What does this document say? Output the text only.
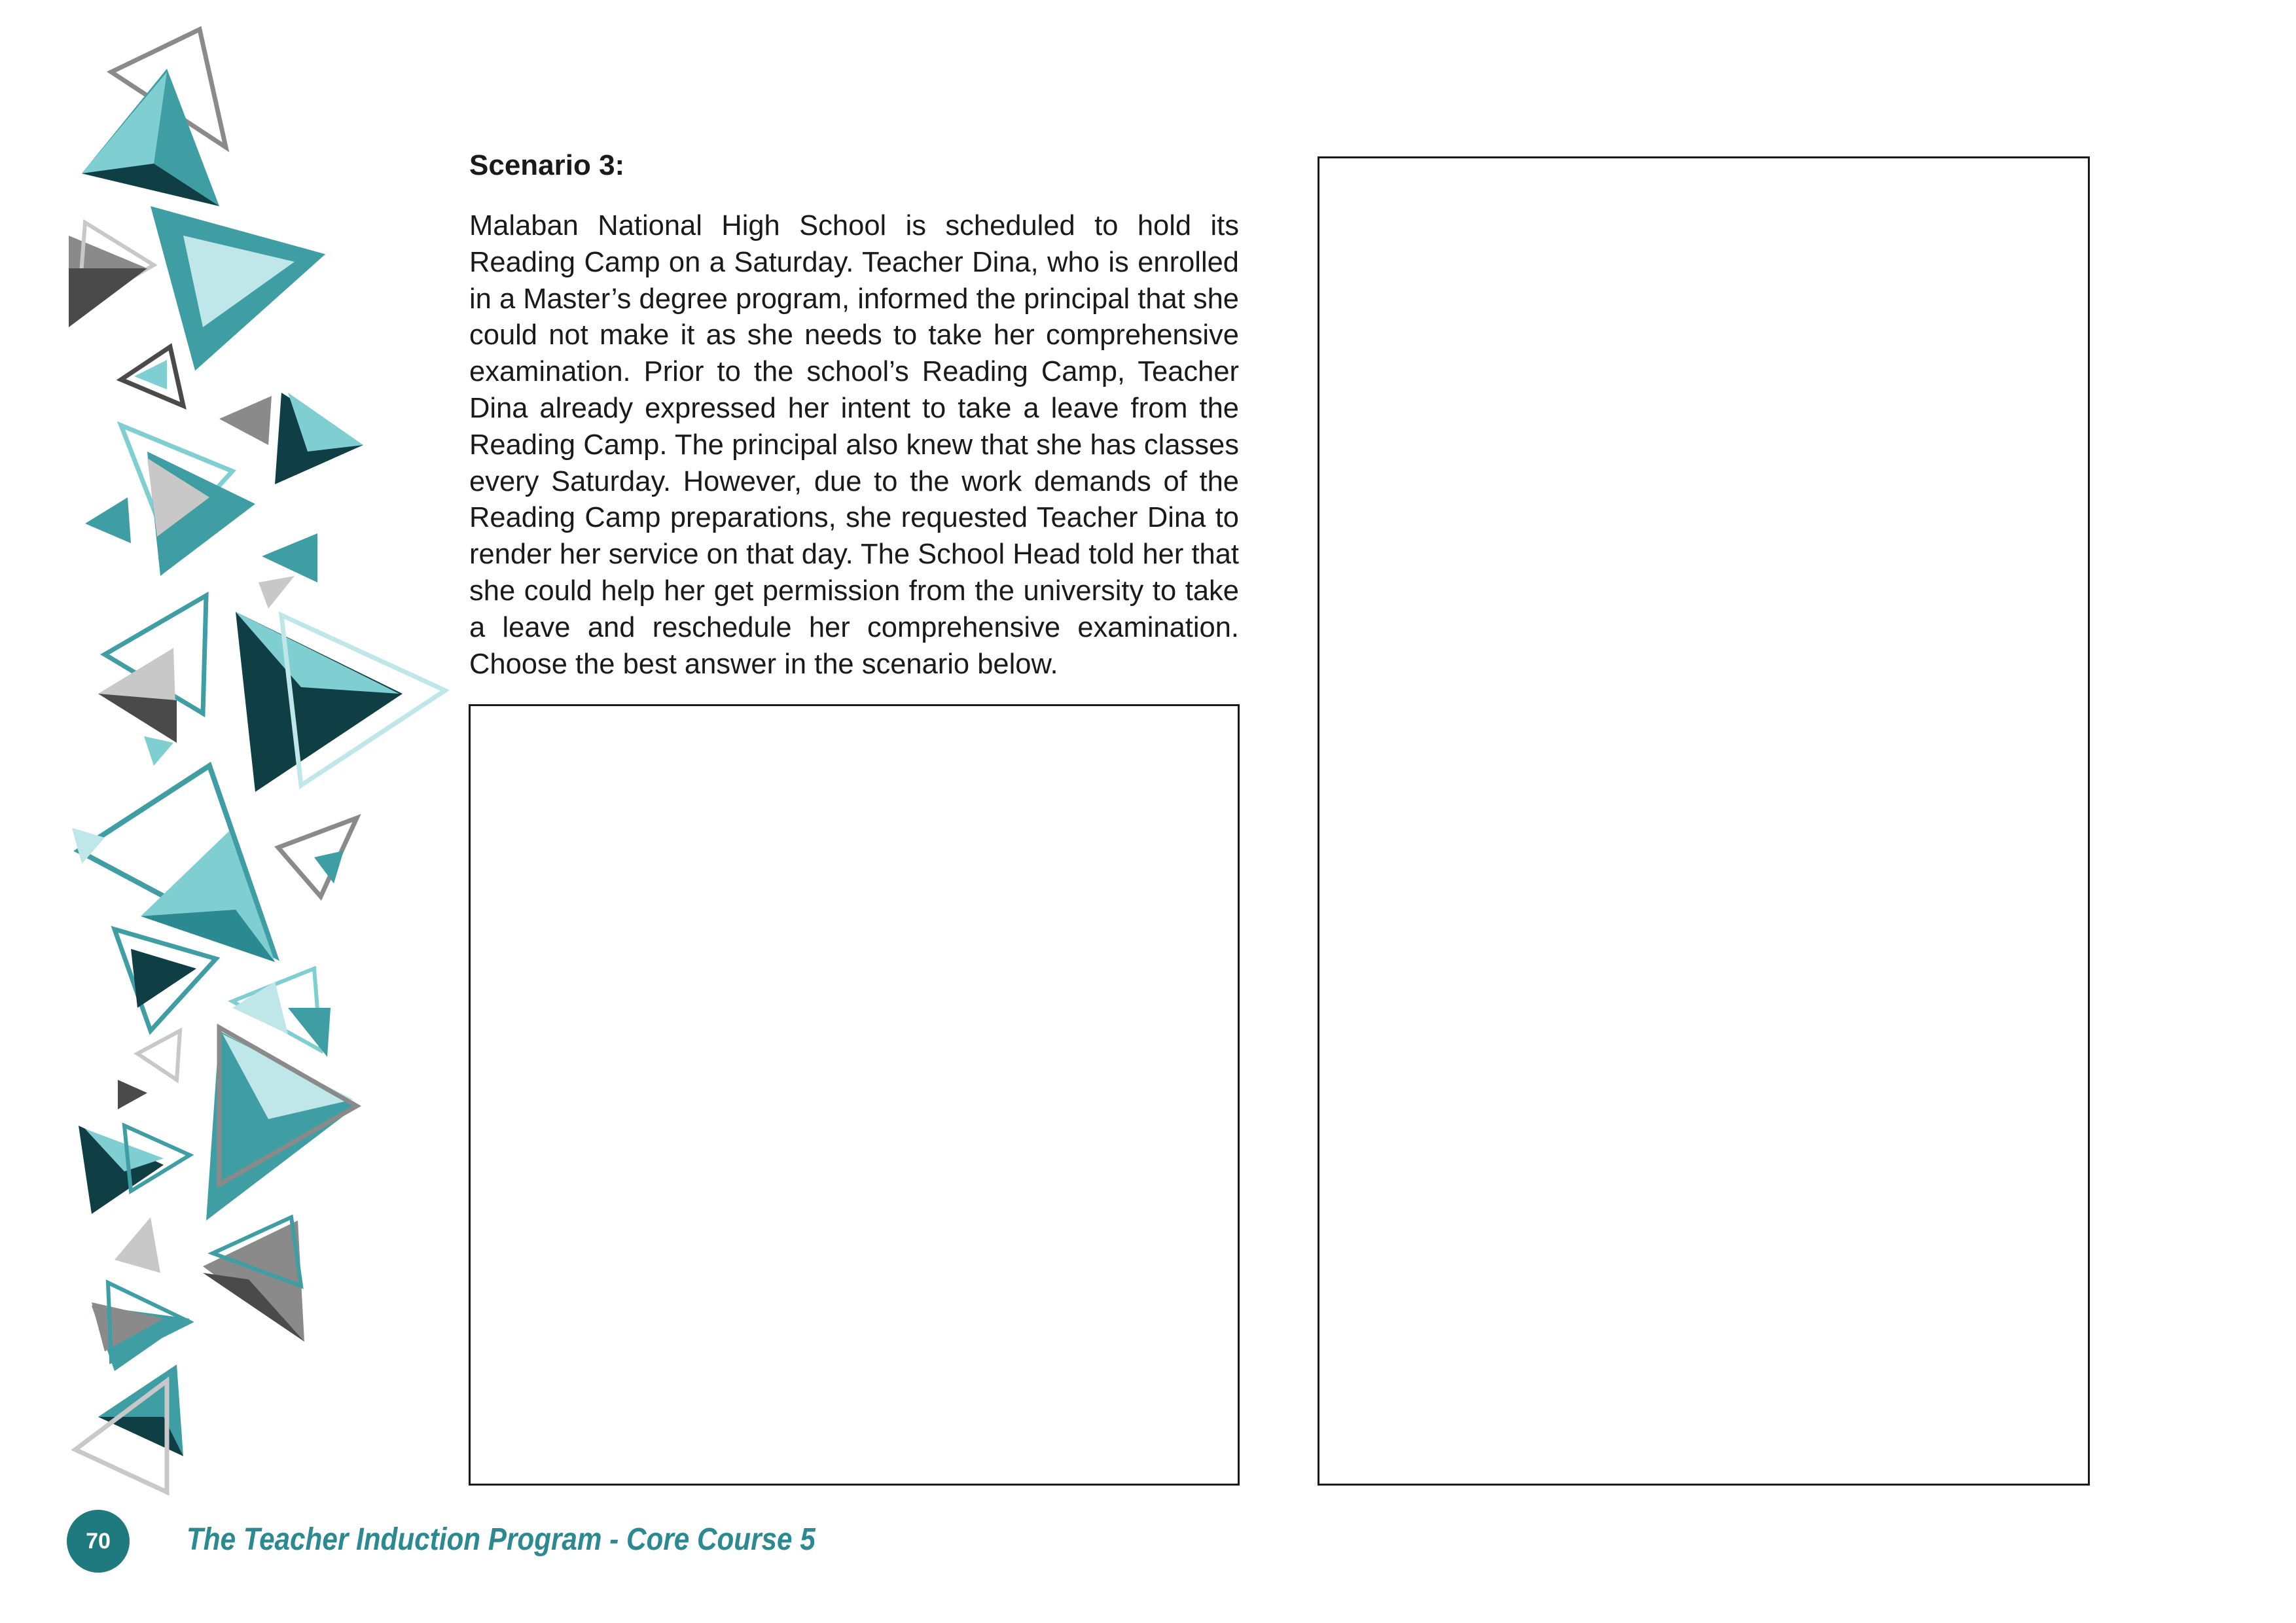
Scenario 3:

Malaban National High School is scheduled to hold its Reading Camp on a Saturday. Teacher Dina, who is enrolled in a Master’s degree program, informed the principal that she could not make it as she needs to take her comprehensive examination. Prior to the school’s Reading Camp, Teacher Dina already expressed her intent to take a leave from the Reading Camp. The principal also knew that she has classes every Saturday. However, due to the work demands of the Reading Camp preparations, she requested Teacher Dina to render her service on that day. The School Head told her that she could help her get permission from the university to take a leave and reschedule her comprehensive examination. Choose the best answer in the scenario below.

70	The Teacher Induction Program - Core Course 5
